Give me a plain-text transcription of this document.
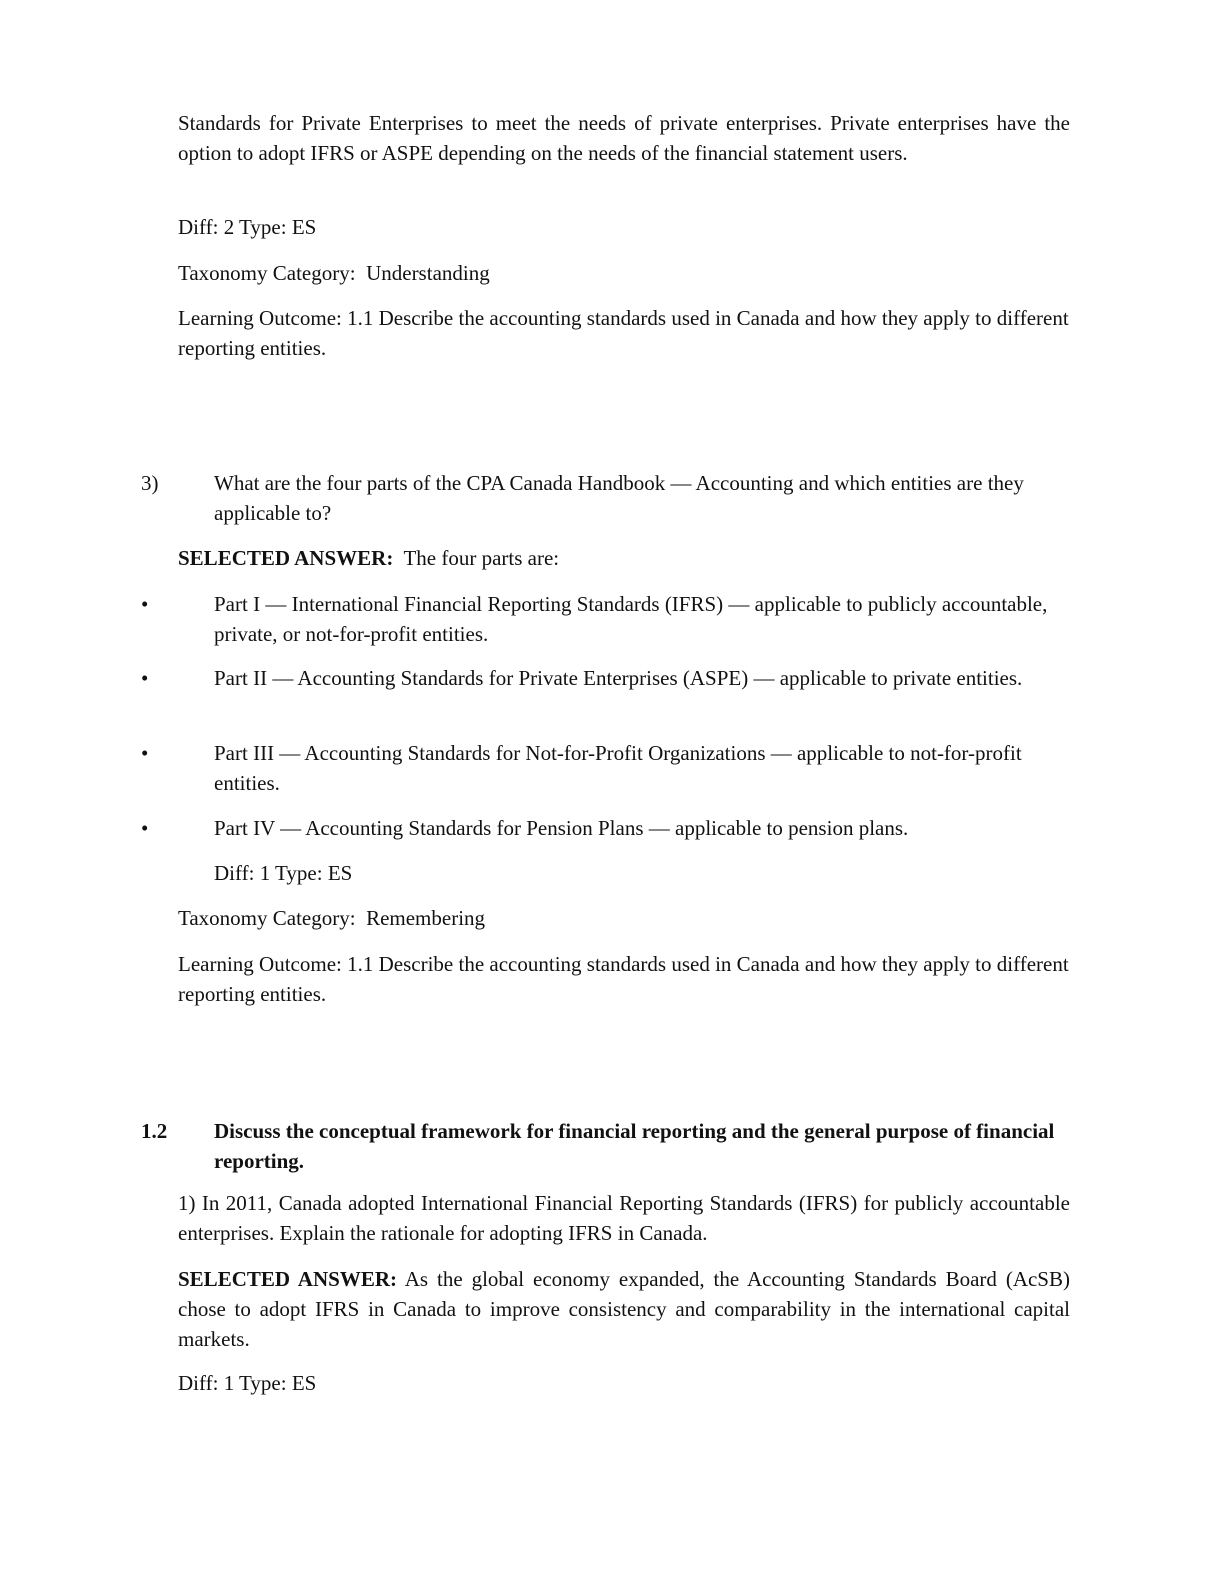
Standards for Private Enterprises to meet the needs of private enterprises. Private enterprises have the option to adopt IFRS or ASPE depending on the needs of the financial statement users.

Diff: 2 Type: ES

Taxonomy Category:  Understanding

Learning Outcome: 1.1 Describe the accounting standards used in Canada and how they apply to different reporting entities.

3)	What are the four parts of the CPA Canada Handbook — Accounting and which entities are they applicable to?

SELECTED ANSWER: The four parts are:

•	Part I — International Financial Reporting Standards (IFRS) — applicable to publicly accountable, private, or not-for-profit entities.

•	Part II — Accounting Standards for Private Enterprises (ASPE) — applicable to private entities.

•	Part III — Accounting Standards for Not-for-Profit Organizations — applicable to not-for-profit entities.

•	Part IV — Accounting Standards for Pension Plans — applicable to pension plans.

Diff: 1 Type: ES

Taxonomy Category:  Remembering

Learning Outcome: 1.1 Describe the accounting standards used in Canada and how they apply to different reporting entities.

1.2 Discuss the conceptual framework for financial reporting and the general purpose of financial reporting.

1) In 2011, Canada adopted International Financial Reporting Standards (IFRS) for publicly accountable enterprises. Explain the rationale for adopting IFRS in Canada.

SELECTED ANSWER: As the global economy expanded, the Accounting Standards Board (AcSB) chose to adopt IFRS in Canada to improve consistency and comparability in the international capital markets.

Diff: 1 Type: ES
